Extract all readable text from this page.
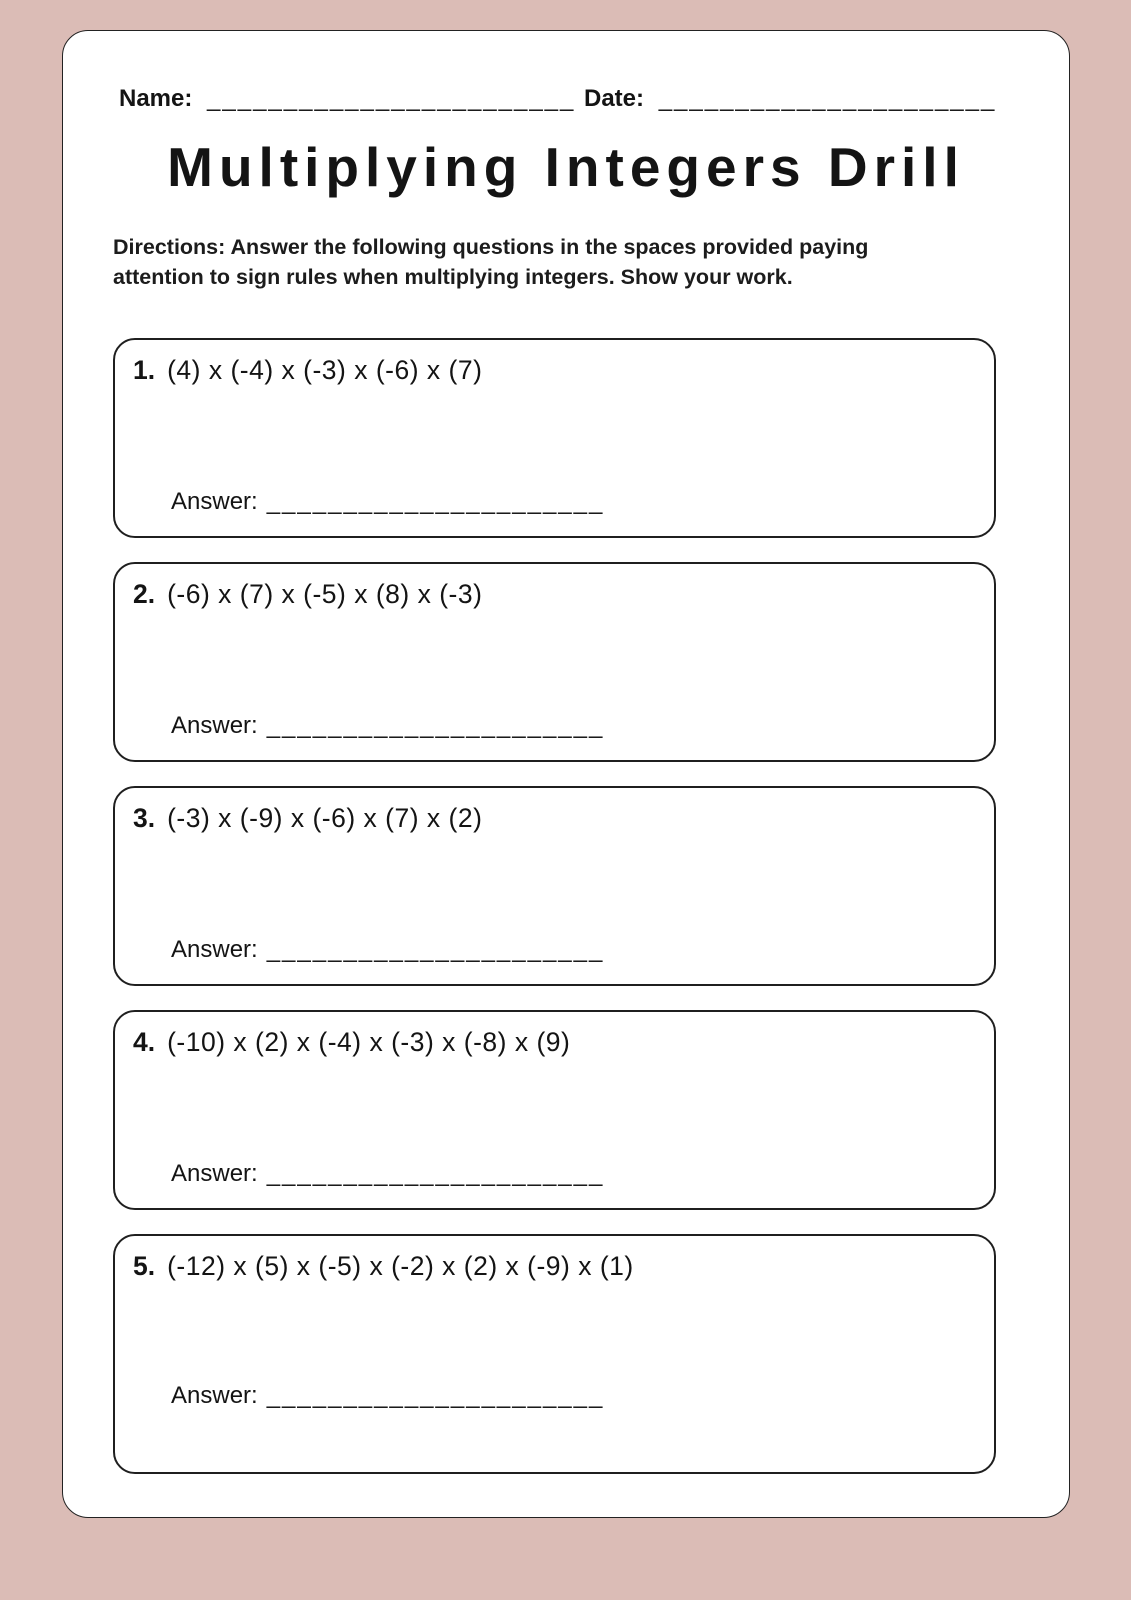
Name: ________________________ Date: ______________________
Multiplying Integers Drill
Directions: Answer the following questions in the spaces provided paying
attention to sign rules when multiplying integers. Show your work.
1. (4) x (-4) x (-3) x (-6) x (7)
Answer: ______________________
2. (-6) x (7) x (-5) x (8) x (-3)
Answer: ______________________
3. (-3) x (-9) x (-6) x (7) x (2)
Answer: ______________________
4. (-10) x (2) x (-4) x (-3) x (-8) x (9)
Answer: ______________________
5. (-12) x (5) x (-5) x (-2) x (2) x (-9) x (1)
Answer: ______________________
